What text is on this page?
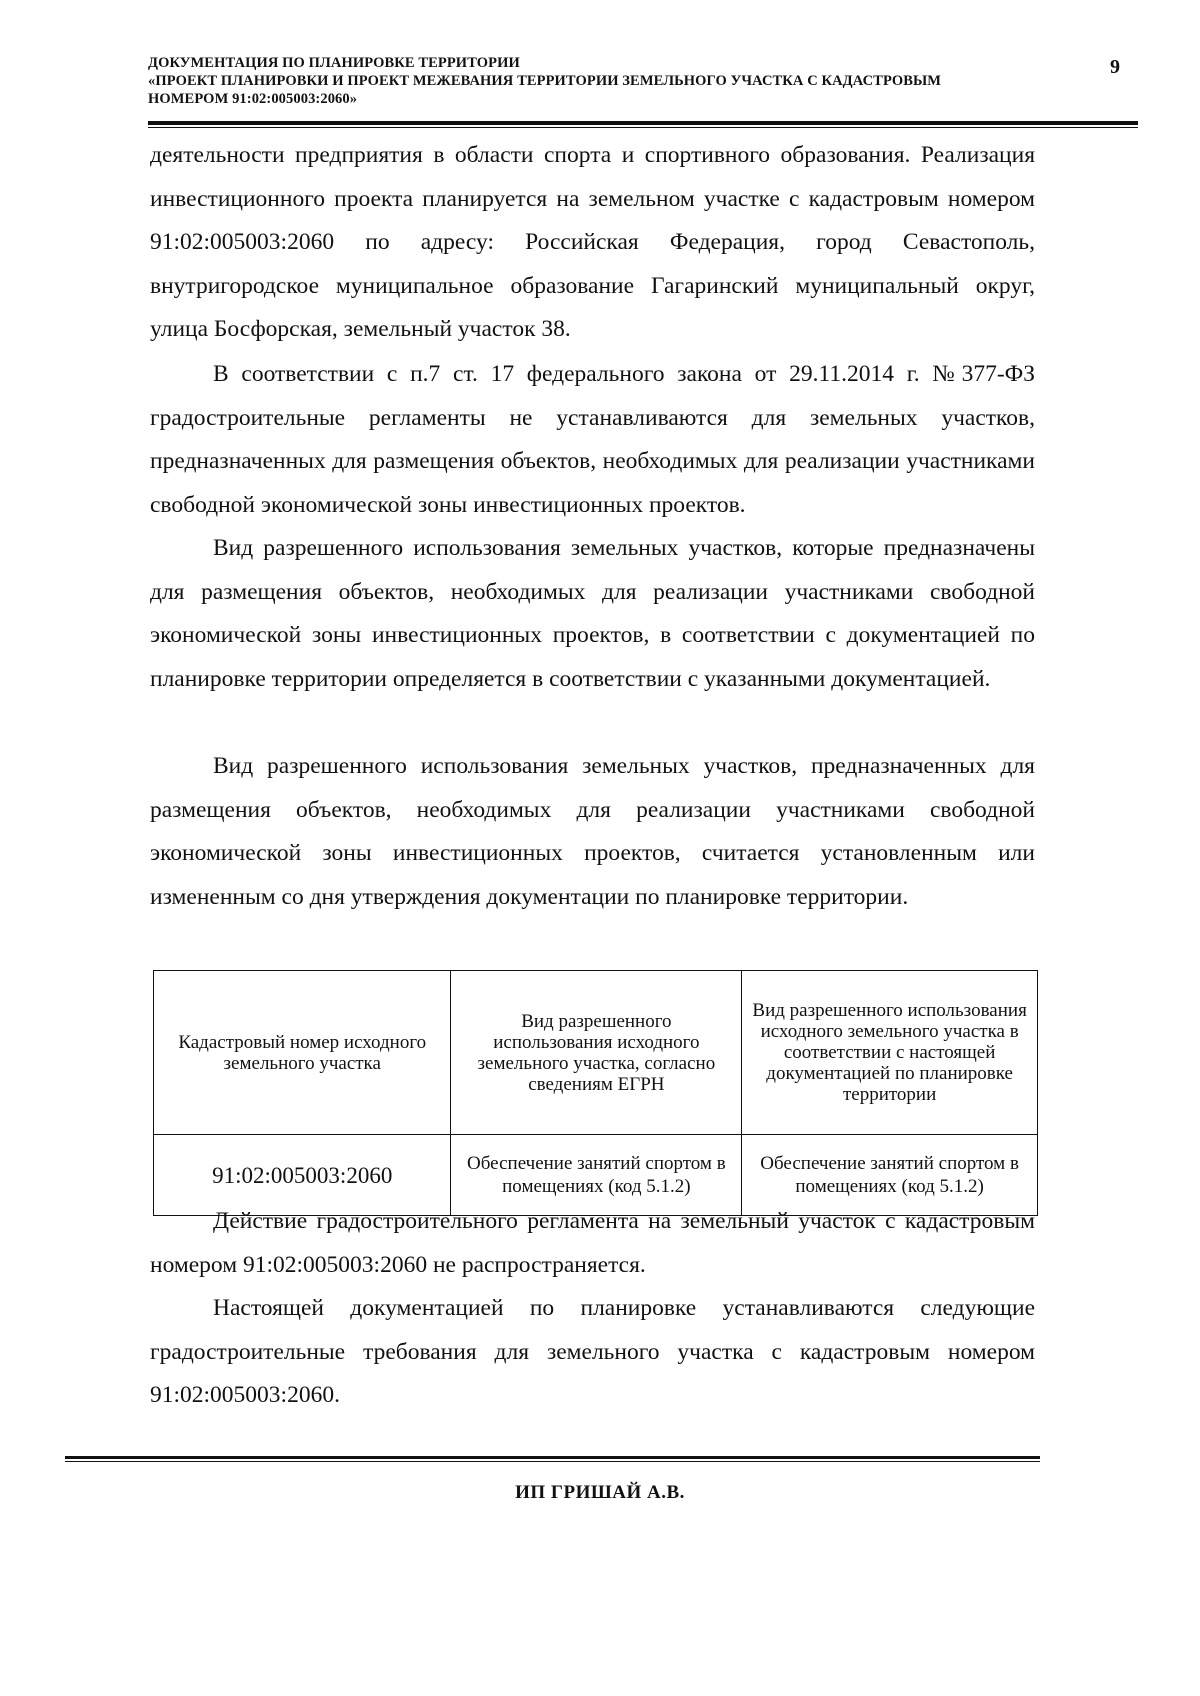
ДОКУМЕНТАЦИЯ ПО ПЛАНИРОВКЕ ТЕРРИТОРИИ
«ПРОЕКТ ПЛАНИРОВКИ И ПРОЕКТ МЕЖЕВАНИЯ ТЕРРИТОРИИ ЗЕМЕЛЬНОГО УЧАСТКА С КАДАСТРОВЫМ
НОМЕРОМ 91:02:005003:2060»
9

деятельности предприятия в области спорта и спортивного образования. Реализация инвестиционного проекта планируется на земельном участке с кадастровым номером 91:02:005003:2060 по адресу: Российская Федерация, город Севастополь, внутригородское муниципальное образование Гагаринский муниципальный округ, улица Босфорская, земельный участок 38.

В соответствии с п.7 ст. 17 федерального закона от 29.11.2014 г. №377-ФЗ градостроительные регламенты не устанавливаются для земельных участков, предназначенных для размещения объектов, необходимых для реализации участниками свободной экономической зоны инвестиционных проектов.

Вид разрешенного использования земельных участков, которые предназначены для размещения объектов, необходимых для реализации участниками свободной экономической зоны инвестиционных проектов, в соответствии с документацией по планировке территории определяется в соответствии с указанными документацией.

Вид разрешенного использования земельных участков, предназначенных для размещения объектов, необходимых для реализации участниками свободной экономической зоны инвестиционных проектов, считается установленным или измененным со дня утверждения документации по планировке территории.

Кадастровый номер исходного земельного участка	Вид разрешенного использования исходного земельного участка, согласно сведениям ЕГРН	Вид разрешенного использования исходного земельного участка в соответствии с настоящей документацией по планировке территории
91:02:005003:2060	Обеспечение занятий спортом в помещениях (код 5.1.2)	Обеспечение занятий спортом в помещениях (код 5.1.2)

Действие градостроительного регламента на земельный участок с кадастровым номером 91:02:005003:2060 не распространяется.

Настоящей документацией по планировке устанавливаются следующие градостроительные требования для земельного участка с кадастровым номером 91:02:005003:2060.

ИП ГРИШАЙ А.В.
